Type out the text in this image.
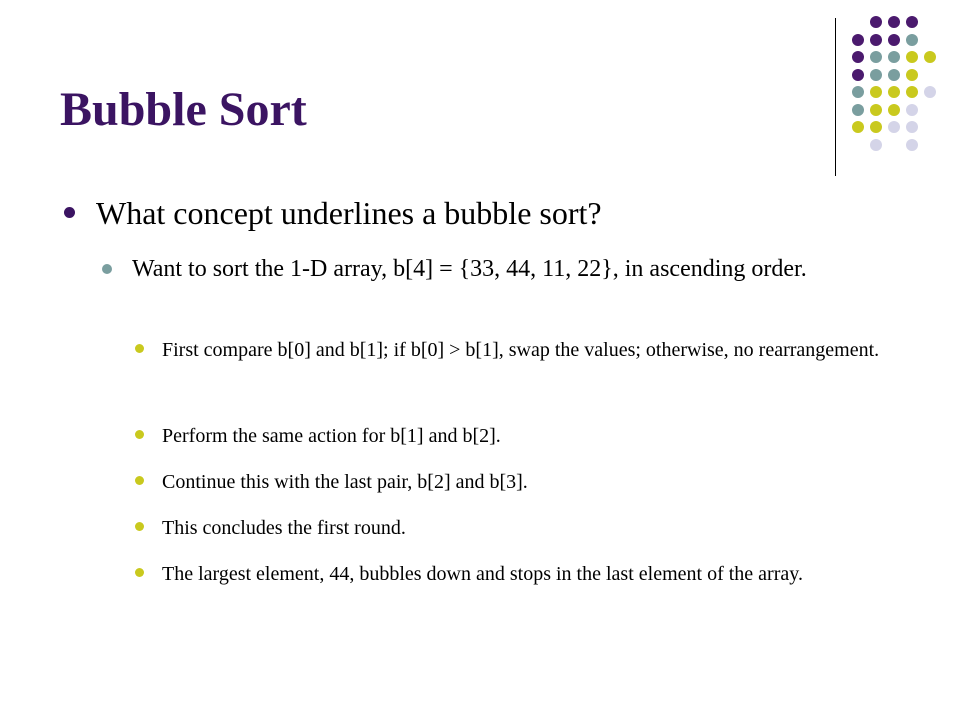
Bubble Sort

What concept underlines a bubble sort?

Want to sort the 1-D array, b[4] = {33, 44, 11, 22}, in ascending order.

First compare b[0] and b[1]; if b[0] > b[1], swap the values; otherwise, no rearrangement.

Perform the same action for b[1] and b[2].

Continue this with the last pair, b[2] and b[3].

This concludes the first round.

The largest element, 44, bubbles down and stops in the last element of the array.
